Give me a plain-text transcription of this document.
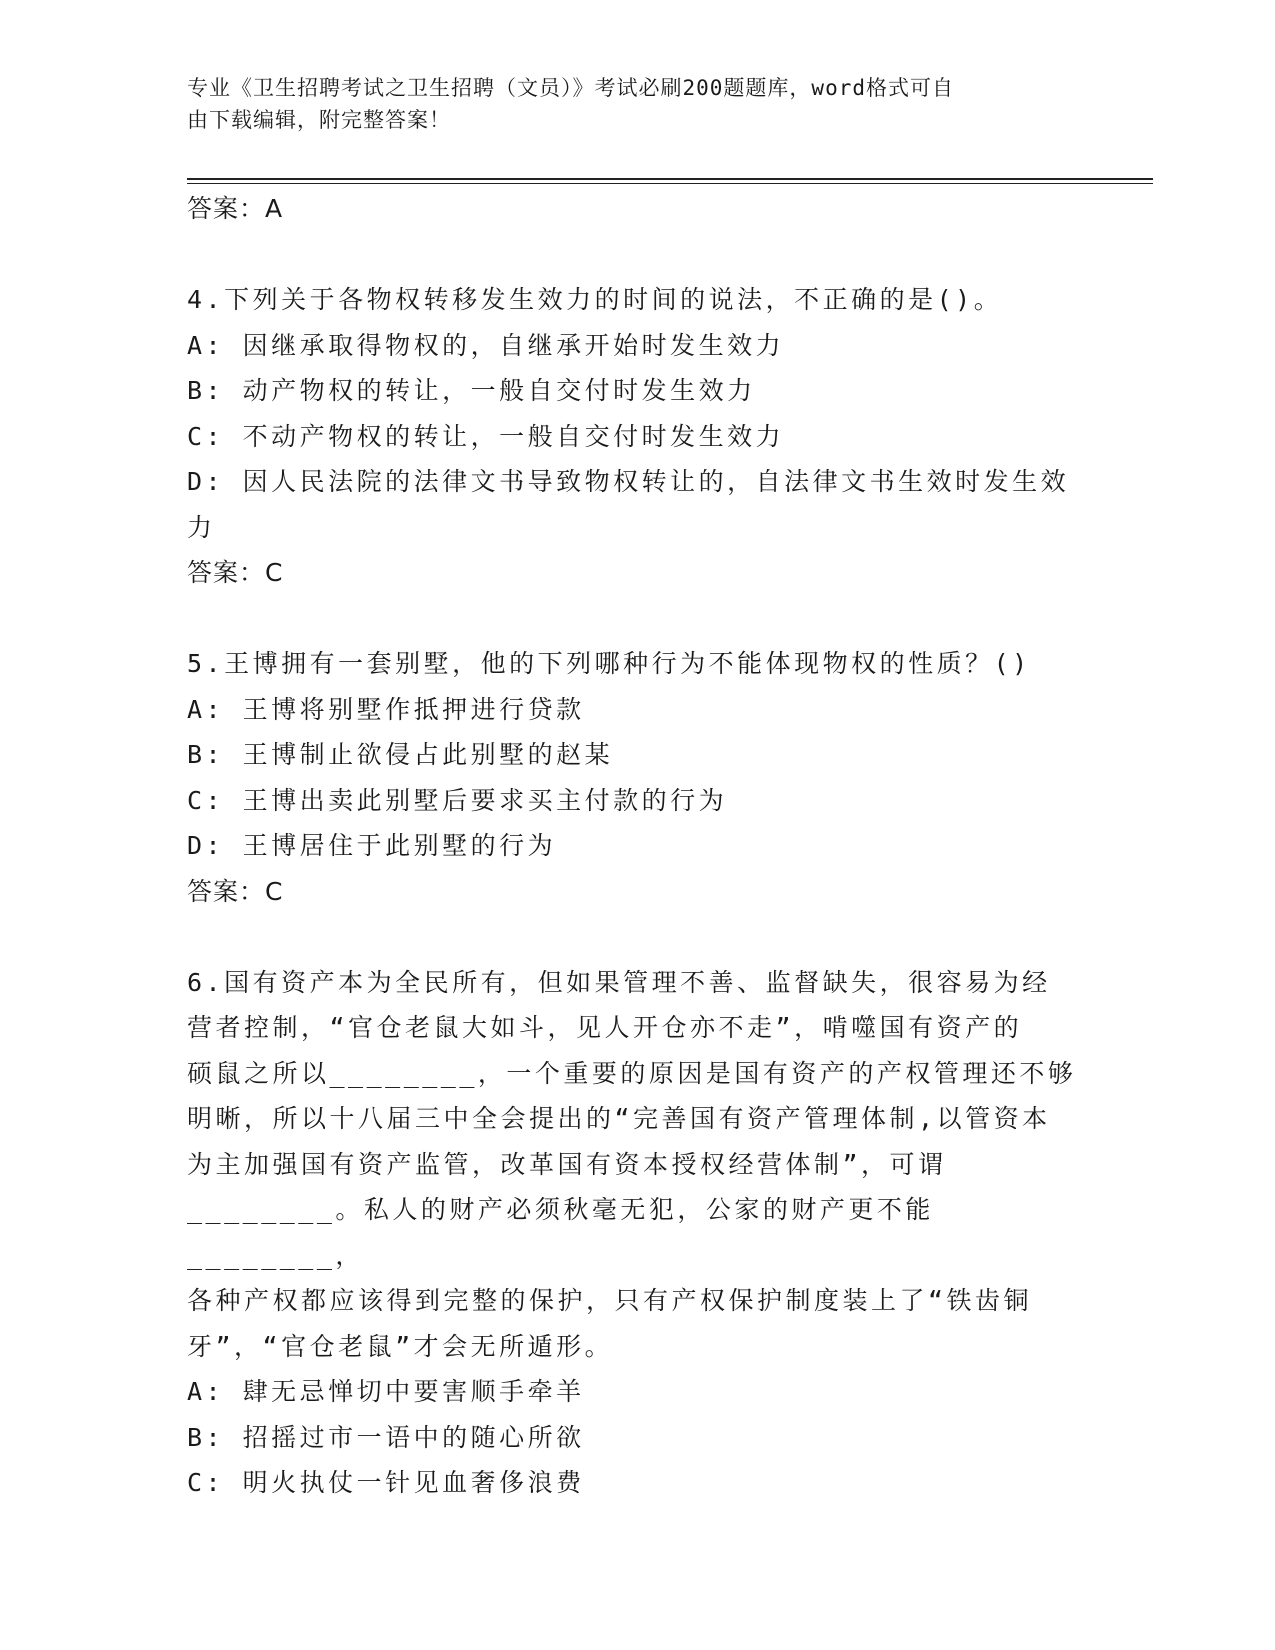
专业《卫生招聘考试之卫生招聘（文员）》考试必刷200题题库，word格式可自
由下载编辑，附完整答案！
答案：A
4.下列关于各物权转移发生效力的时间的说法，不正确的是()。
A: 因继承取得物权的，自继承开始时发生效力
B: 动产物权的转让，一般自交付时发生效力
C: 不动产物权的转让，一般自交付时发生效力
D: 因人民法院的法律文书导致物权转让的，自法律文书生效时发生效
力
答案：C
5.王博拥有一套别墅，他的下列哪种行为不能体现物权的性质？()
A: 王博将别墅作抵押进行贷款
B: 王博制止欲侵占此别墅的赵某
C: 王博出卖此别墅后要求买主付款的行为
D: 王博居住于此别墅的行为
答案：C
6.国有资产本为全民所有，但如果管理不善、监督缺失，很容易为经
营者控制，“官仓老鼠大如斗，见人开仓亦不走”，啃噬国有资产的
硕鼠之所以________，一个重要的原因是国有资产的产权管理还不够
明晰，所以十八届三中全会提出的“完善国有资产管理体制,以管资本
为主加强国有资产监管，改革国有资本授权经营体制”，可谓
________。私人的财产必须秋毫无犯，公家的财产更不能________，
各种产权都应该得到完整的保护，只有产权保护制度装上了“铁齿铜
牙”，“官仓老鼠”才会无所遁形。
A: 肆无忌惮切中要害顺手牵羊
B: 招摇过市一语中的随心所欲
C: 明火执仗一针见血奢侈浪费
